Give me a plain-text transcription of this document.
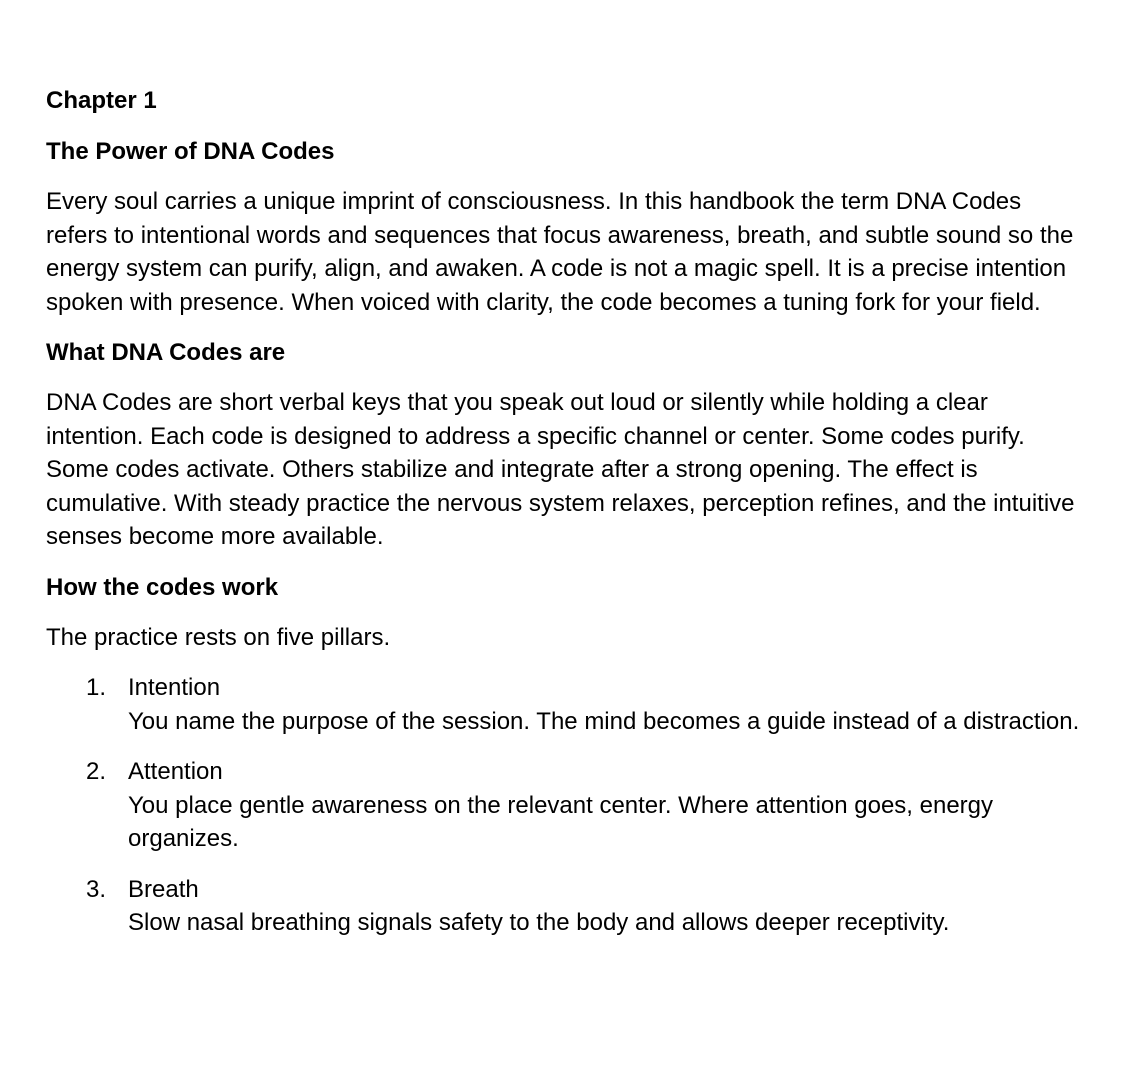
Chapter 1
The Power of DNA Codes

Every soul carries a unique imprint of consciousness. In this handbook the term DNA Codes refers to intentional words and sequences that focus awareness, breath, and subtle sound so the energy system can purify, align, and awaken. A code is not a magic spell. It is a precise intention spoken with presence. When voiced with clarity, the code becomes a tuning fork for your field.

What DNA Codes are

DNA Codes are short verbal keys that you speak out loud or silently while holding a clear intention. Each code is designed to address a specific channel or center. Some codes purify. Some codes activate. Others stabilize and integrate after a strong opening. The effect is cumulative. With steady practice the nervous system relaxes, perception refines, and the intuitive senses become more available.

How the codes work

The practice rests on five pillars.

1. Intention
You name the purpose of the session. The mind becomes a guide instead of a distraction.
2. Attention
You place gentle awareness on the relevant center. Where attention goes, energy organizes.
3. Breath
Slow nasal breathing signals safety to the body and allows deeper receptivity.
